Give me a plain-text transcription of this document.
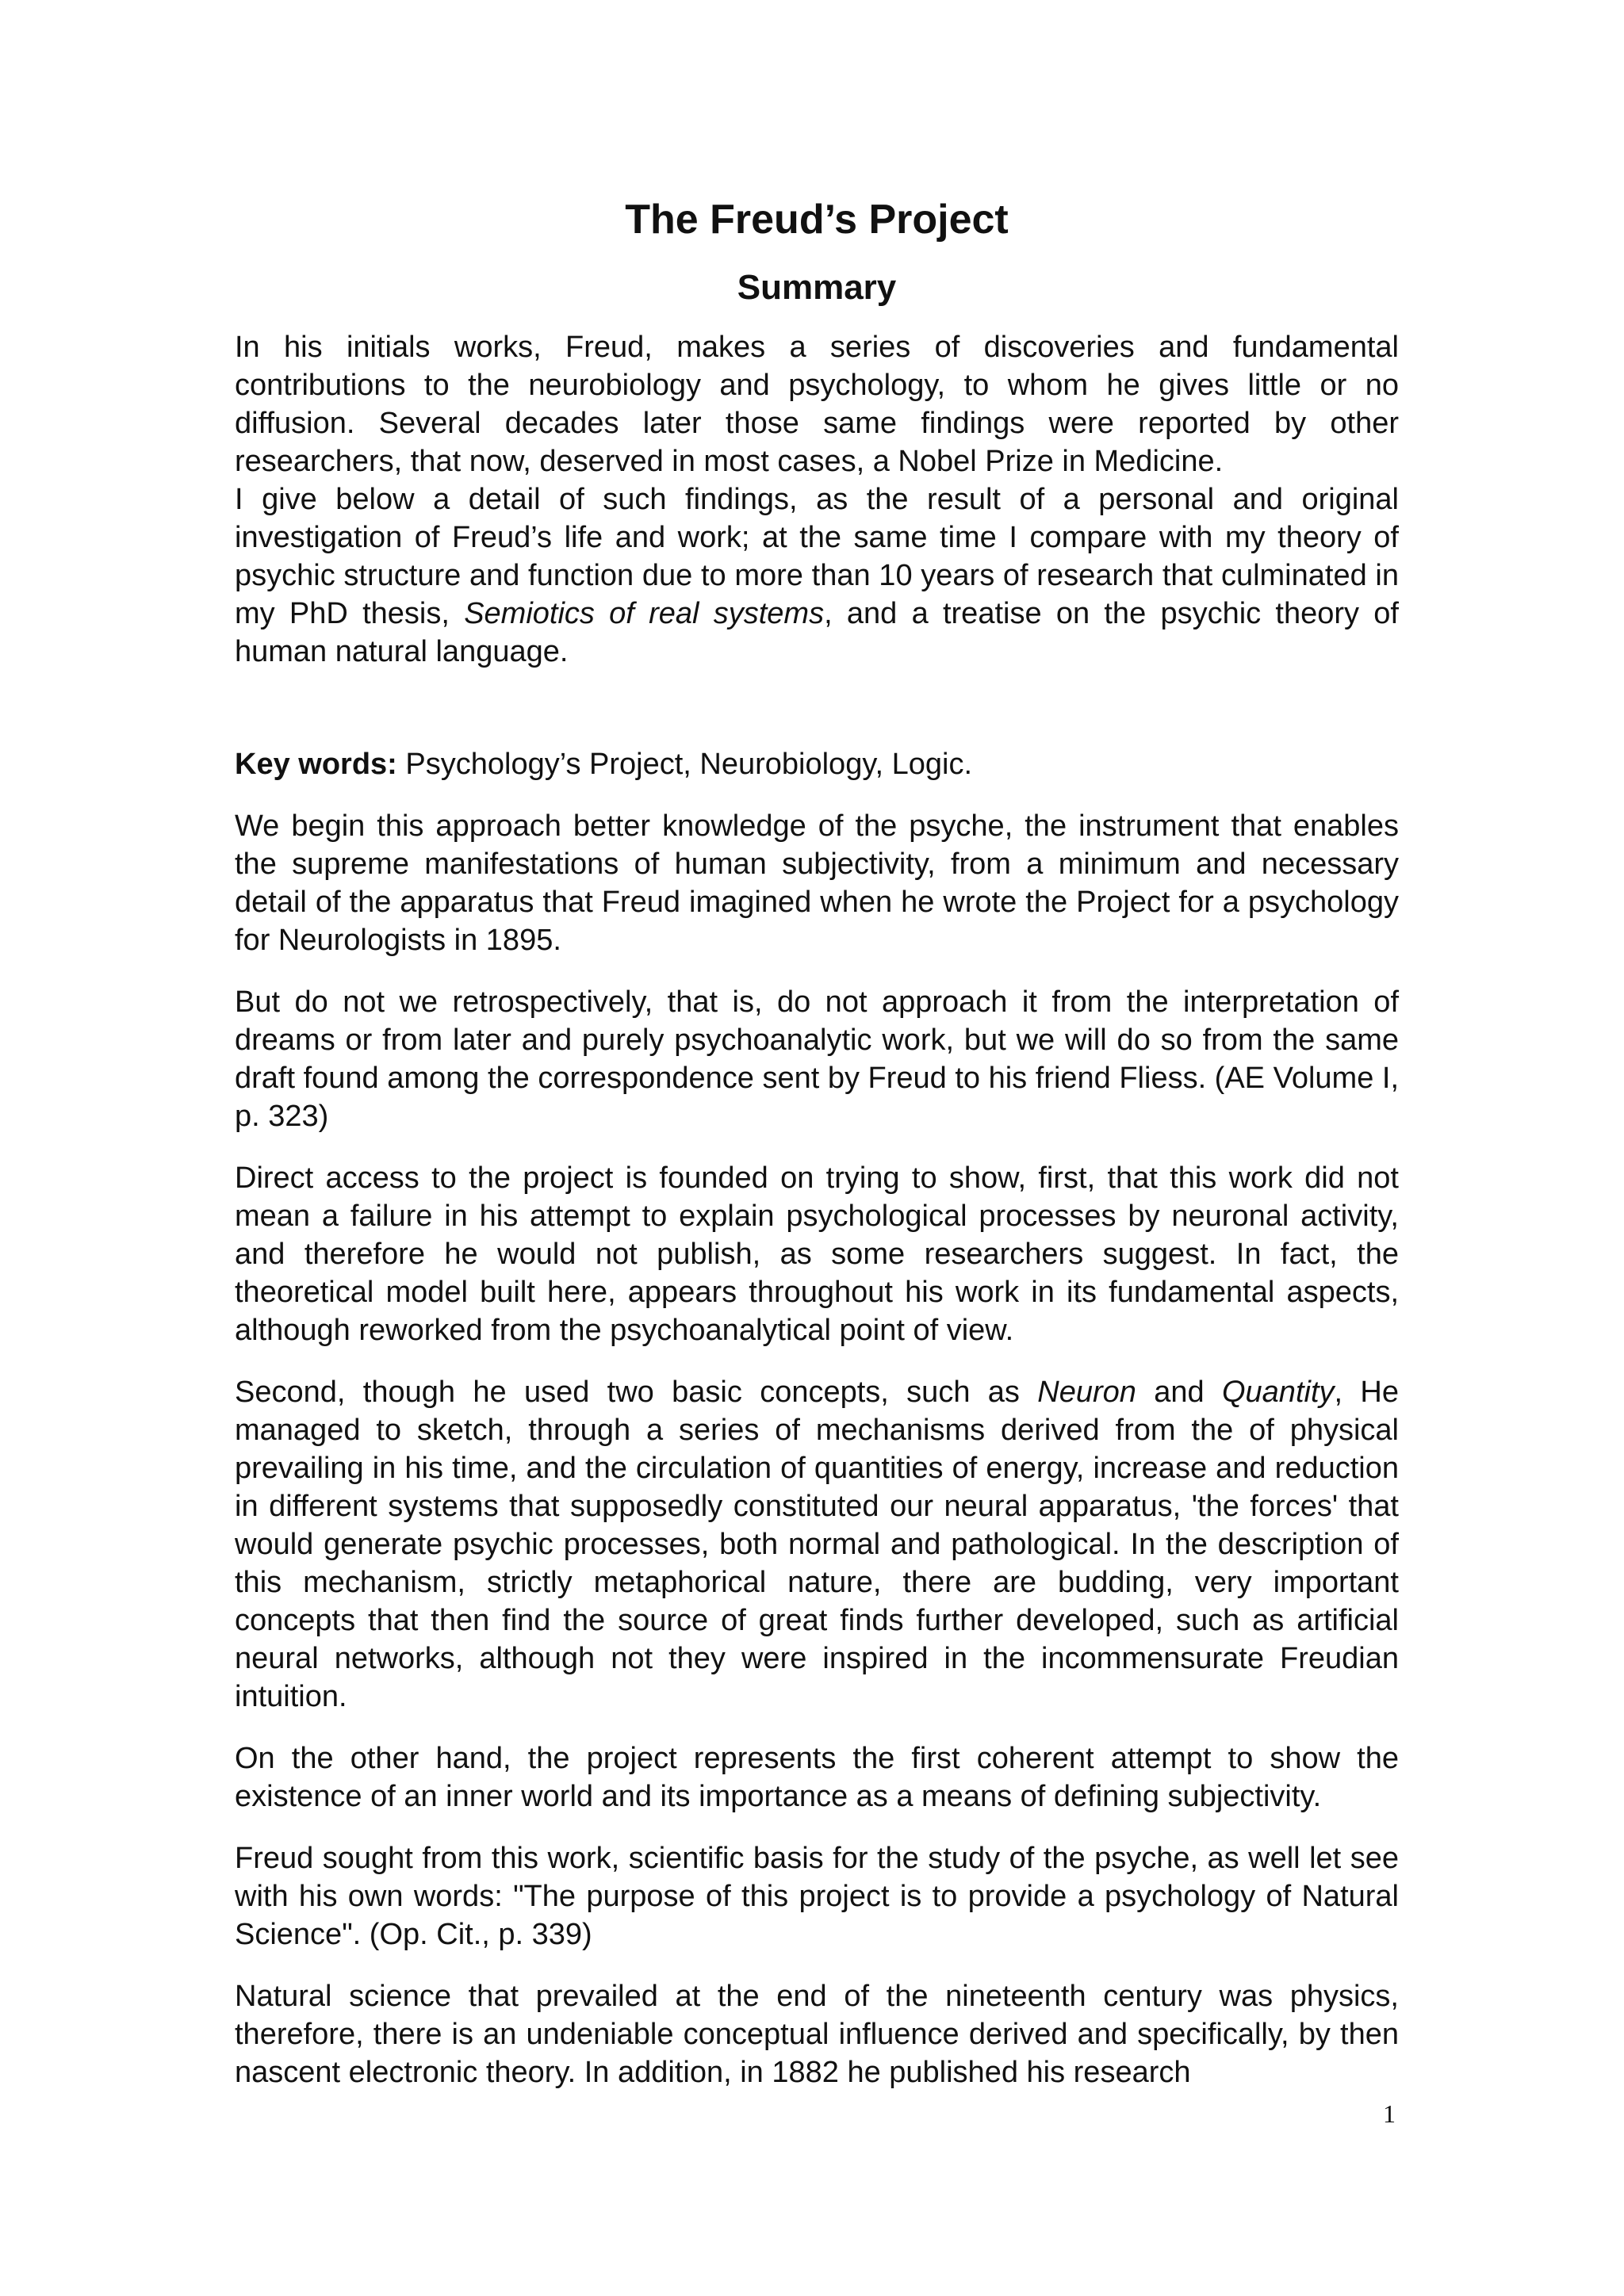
The Freud’s Project
Summary

In his initials works, Freud, makes a series of discoveries and fundamental contributions to the neurobiology and psychology, to whom he gives little or no diffusion. Several decades later those same findings were reported by other researchers, that now, deserved in most cases, a Nobel Prize in Medicine.

I give below a detail of such findings, as the result of a personal and original investigation of Freud’s life and work; at the same time I compare with my theory of psychic structure and function due to more than 10 years of research that culminated in my PhD thesis, Semiotics of real systems, and a treatise on the psychic theory of human natural language.

Key words: Psychology’s Project, Neurobiology, Logic.

We begin this approach better knowledge of the psyche, the instrument that enables the supreme manifestations of human subjectivity, from a minimum and necessary detail of the apparatus that Freud imagined when he wrote the Project for a psychology for Neurologists in 1895.

But do not we retrospectively, that is, do not approach it from the interpretation of dreams or from later and purely psychoanalytic work, but we will do so from the same draft found among the correspondence sent by Freud to his friend Fliess. (AE Volume I, p. 323)

Direct access to the project is founded on trying to show, first, that this work did not mean a failure in his attempt to explain psychological processes by neuronal activity, and therefore he would not publish, as some researchers suggest. In fact, the theoretical model built here, appears throughout his work in its fundamental aspects, although reworked from the psychoanalytical point of view.

Second, though he used two basic concepts, such as Neuron and Quantity, He managed to sketch, through a series of mechanisms derived from the of physical prevailing in his time, and the circulation of quantities of energy, increase and reduction in different systems that supposedly constituted our neural apparatus, 'the forces' that would generate psychic processes, both normal and pathological. In the description of this mechanism, strictly metaphorical nature, there are budding, very important concepts that then find the source of great finds further developed, such as artificial neural networks, although not they were inspired in the incommensurate Freudian intuition.

On the other hand, the project represents the first coherent attempt to show the existence of an inner world and its importance as a means of defining subjectivity.

Freud sought from this work, scientific basis for the study of the psyche, as well let see with his own words: "The purpose of this project is to provide a psychology of Natural Science". (Op. Cit., p. 339)

Natural science that prevailed at the end of the nineteenth century was physics, therefore, there is an undeniable conceptual influence derived and specifically, by then nascent electronic theory. In addition, in 1882 he published his research

1
